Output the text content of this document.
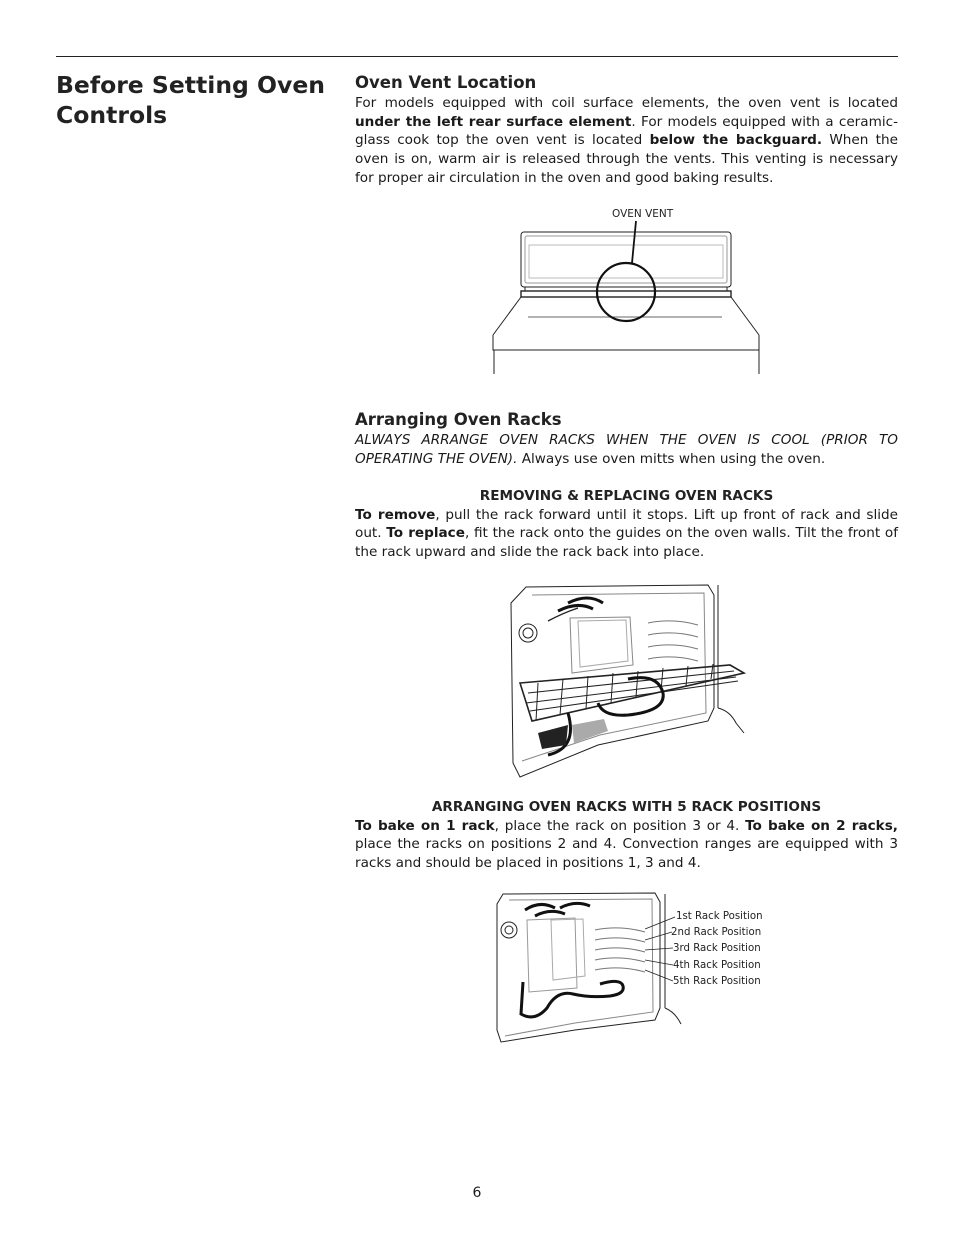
Before Setting Oven Controls
Oven Vent Location

For models equipped with coil surface elements, the oven vent is located under the left rear surface element. For models equipped with a ceramic-glass cook top the oven vent is located below the backguard. When the oven is on, warm air is released through the vents. This venting is necessary for proper air circulation in the oven and good baking results.

OVEN VENT
Arranging Oven Racks

ALWAYS ARRANGE OVEN RACKS WHEN THE OVEN IS COOL (PRIOR TO OPERATING THE OVEN). Always use oven mitts when using the oven.

REMOVING & REPLACING OVEN RACKS

To remove, pull the rack forward until it stops. Lift up front of rack and slide out. To replace, fit the rack onto the guides on the oven walls. Tilt the front of the rack upward and slide the rack back into place.

ARRANGING OVEN RACKS WITH 5 RACK POSITIONS

To bake on 1 rack, place the rack on position 3 or 4. To bake on 2 racks, place the racks on positions 2 and 4. Convection ranges are equipped with 3 racks and should be placed in positions 1, 3 and 4.

1st Rack Position
2nd Rack Position
3rd Rack Position
4th Rack Position
5th Rack Position
6
